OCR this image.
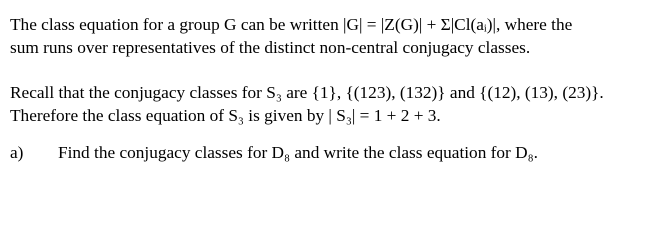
The class equation for a group G can be written |G| = |Z(G)| + Σ|Cl(aᵢ)|, where the

sum runs over representatives of the distinct non-central conjugacy classes.

Recall that the conjugacy classes for S₃ are {1}, {(123), (132)} and {(12), (13), (23)}.

Therefore the class equation of S₃ is given by | S₃| = 1 + 2 + 3.

a) Find the conjugacy classes for D₈ and write the class equation for D₈.
